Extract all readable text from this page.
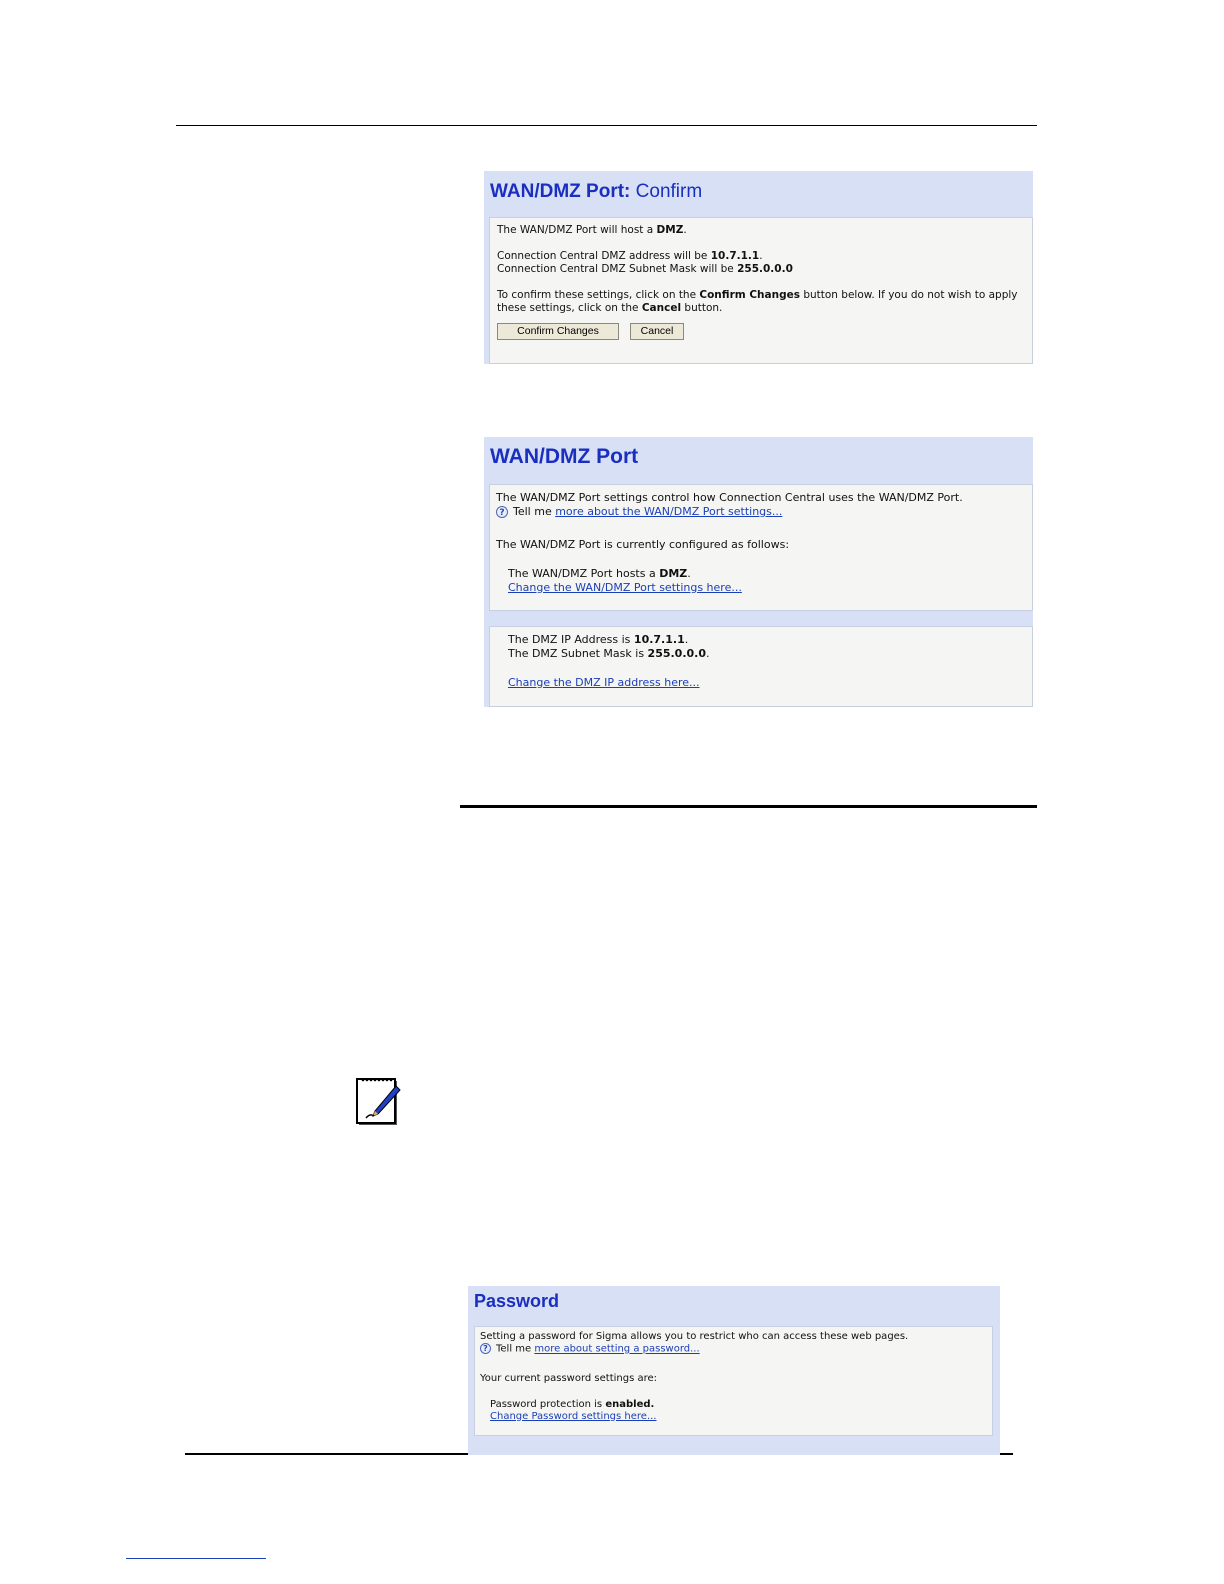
WAN/DMZ Port: Confirm

The WAN/DMZ Port will host a DMZ.

Connection Central DMZ address will be 10.7.1.1.

Connection Central DMZ Subnet Mask will be 255.0.0.0

To confirm these settings, click on the Confirm Changes button below. If you do not wish to apply

these settings, click on the Cancel button.

Confirm Changes	Cancel
WAN/DMZ Port

The WAN/DMZ Port settings control how Connection Central uses the WAN/DMZ Port.

? Tell me more about the WAN/DMZ Port settings...

The WAN/DMZ Port is currently configured as follows:

The WAN/DMZ Port hosts a DMZ.

Change the WAN/DMZ Port settings here...

The DMZ IP Address is 10.7.1.1.

The DMZ Subnet Mask is 255.0.0.0.

Change the DMZ IP address here...

Password

Setting a password for Sigma allows you to restrict who can access these web pages.

? Tell me more about setting a password...

Your current password settings are:

Password protection is enabled.

Change Password settings here...
